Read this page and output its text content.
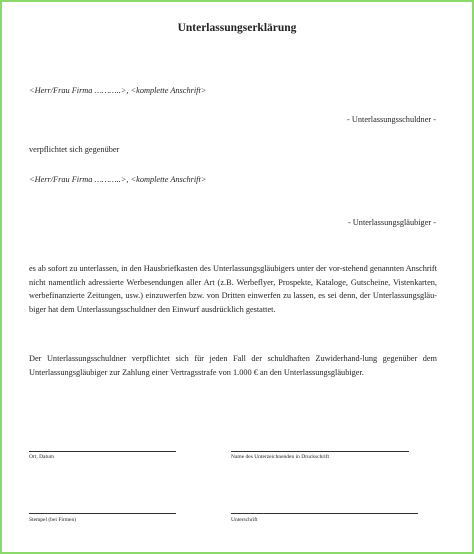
Unterlassungserklärung
<Herr/Frau Firma ………..>, <komplette Anschrift>
- Unterlassungsschuldner -
verpflichtet sich gegenüber
<Herr/Frau Firma ………..>, <komplette Anschrift>
- Unterlassungsgläubiger -

es ab sofort zu unterlassen, in den Hausbriefkasten des Unterlassungsgläubigers unter der vor-stehend genannten Anschrift nicht namentlich adressierte Werbesendungen aller Art (z.B. Werbeflyer, Prospekte, Kataloge, Gutscheine, Vistenkarten, werbefinanzierte Zeitungen, usw.) einzuwerfen bzw. von Dritten einwerfen zu lassen, es sei denn, der Unterlassungsgläu-biger hat dem Unterlassungsschuldner den Einwurf ausdrücklich gestattet.

Der Unterlassungsschuldner verpflichtet sich für jeden Fall der schuldhaften Zuwiderhand-lung gegenüber dem Unterlassungsgläubiger zur Zahlung einer Vertragsstrafe von 1.000 € an den Unterlassungsgläubiger.

Ort, Datum	Name des Unterzeichnenden in Druckschrift
Stempel (bei Firmen)	Unterschrift
